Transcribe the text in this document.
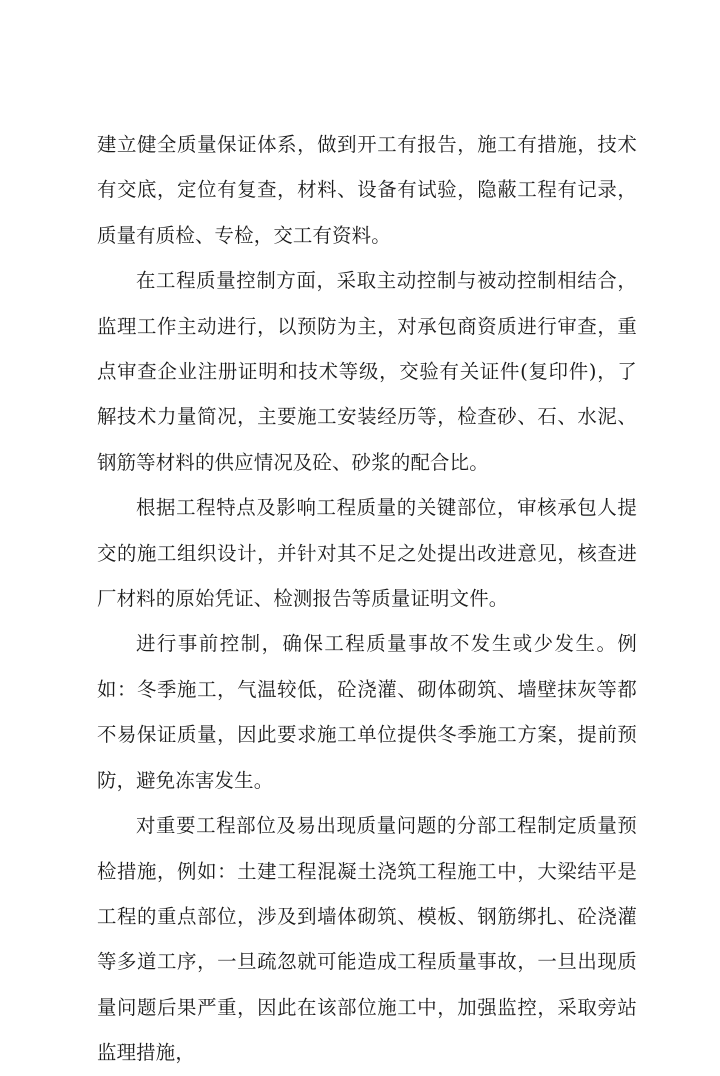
建立健全质量保证体系，做到开工有报告，施工有措施，技术有交底，定位有复查，材料、设备有试验，隐蔽工程有记录，质量有质检、专检，交工有资料。

在工程质量控制方面，采取主动控制与被动控制相结合，监理工作主动进行，以预防为主，对承包商资质进行审查，重点审查企业注册证明和技术等级，交验有关证件(复印件)，了解技术力量简况，主要施工安装经历等，检查砂、石、水泥、钢筋等材料的供应情况及砼、砂浆的配合比。

根据工程特点及影响工程质量的关键部位，审核承包人提交的施工组织设计，并针对其不足之处提出改进意见，核查进厂材料的原始凭证、检测报告等质量证明文件。

进行事前控制，确保工程质量事故不发生或少发生。例如：冬季施工，气温较低，砼浇灌、砌体砌筑、墙壁抹灰等都不易保证质量，因此要求施工单位提供冬季施工方案，提前预防，避免冻害发生。

对重要工程部位及易出现质量问题的分部工程制定质量预检措施，例如：土建工程混凝土浇筑工程施工中，大梁结平是工程的重点部位，涉及到墙体砌筑、模板、钢筋绑扎、砼浇灌等多道工序，一旦疏忽就可能造成工程质量事故，一旦出现质量问题后果严重，因此在该部位施工中，加强监控，采取旁站监理措施，
